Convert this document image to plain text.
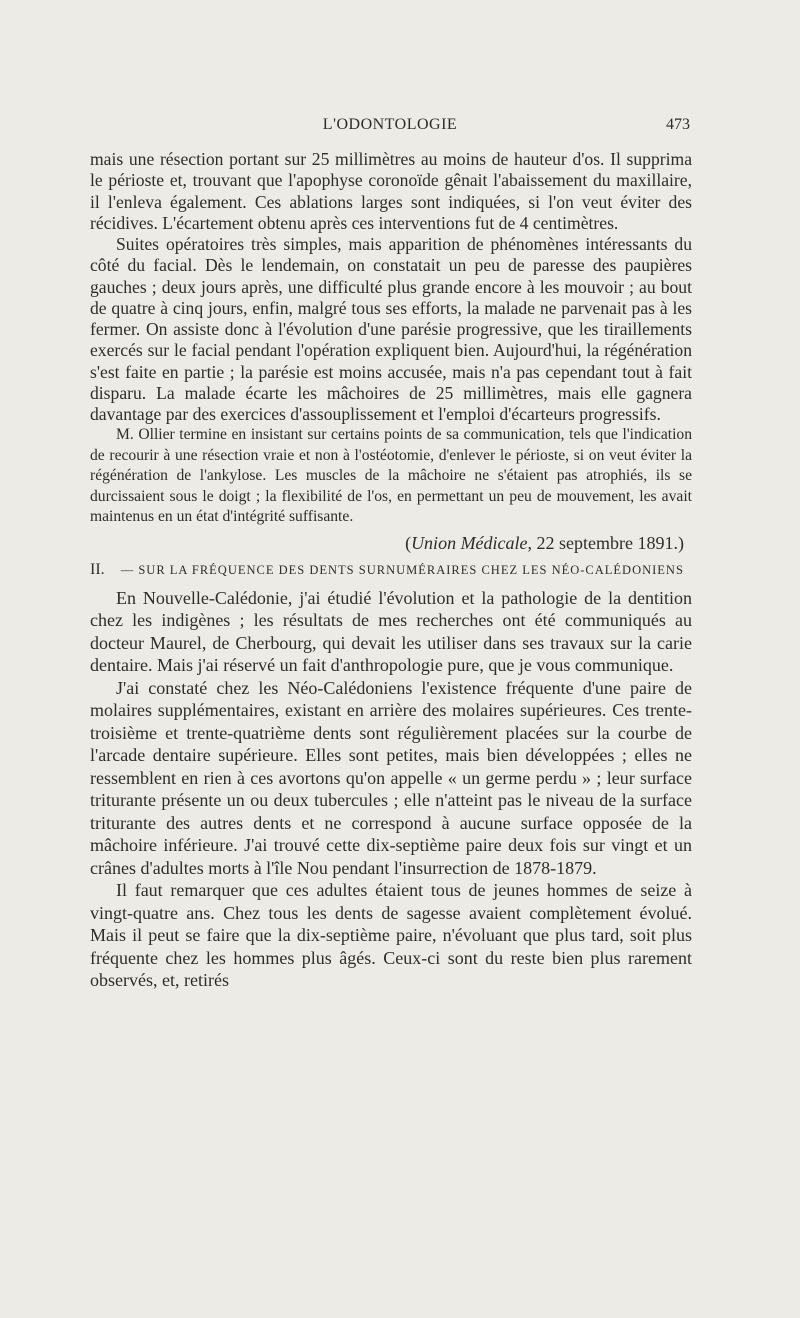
L'ODONTOLOGIE	473

mais une résection portant sur 25 millimètres au moins de hauteur d'os. Il supprima le périoste et, trouvant que l'apophyse coronoïde gênait l'abaissement du maxillaire, il l'enleva également. Ces ablations larges sont indiquées, si l'on veut éviter des récidives. L'écartement obtenu après ces interventions fut de 4 centimètres.

Suites opératoires très simples, mais apparition de phénomènes intéressants du côté du facial. Dès le lendemain, on constatait un peu de paresse des paupières gauches ; deux jours après, une difficulté plus grande encore à les mouvoir ; au bout de quatre à cinq jours, enfin, malgré tous ses efforts, la malade ne parvenait pas à les fermer. On assiste donc à l'évolution d'une parésie progressive, que les tiraillements exercés sur le facial pendant l'opération expliquent bien. Aujourd'hui, la régénération s'est faite en partie ; la parésie est moins accusée, mais n'a pas cependant tout à fait disparu. La malade écarte les mâchoires de 25 millimètres, mais elle gagnera davantage par des exercices d'assouplissement et l'emploi d'écarteurs progressifs.

M. Ollier termine en insistant sur certains points de sa communication, tels que l'indication de recourir à une résection vraie et non à l'ostéotomie, d'enlever le périoste, si on veut éviter la régénération de l'ankylose. Les muscles de la mâchoire ne s'étaient pas atrophiés, ils se durcissaient sous le doigt ; la flexibilité de l'os, en permettant un peu de mouvement, les avait maintenus en un état d'intégrité suffisante.

(Union Médicale, 22 septembre 1891.)
II. — SUR LA FRÉQUENCE DES DENTS SURNUMÉRAIRES CHEZ LES NÉO-CALÉDONIENS

En Nouvelle-Calédonie, j'ai étudié l'évolution et la pathologie de la dentition chez les indigènes ; les résultats de mes recherches ont été communiqués au docteur Maurel, de Cherbourg, qui devait les utiliser dans ses travaux sur la carie dentaire. Mais j'ai réservé un fait d'anthropologie pure, que je vous communique.

J'ai constaté chez les Néo-Calédoniens l'existence fréquente d'une paire de molaires supplémentaires, existant en arrière des molaires supérieures. Ces trente-troisième et trente-quatrième dents sont régulièrement placées sur la courbe de l'arcade dentaire supérieure. Elles sont petites, mais bien développées ; elles ne ressemblent en rien à ces avortons qu'on appelle « un germe perdu » ; leur surface triturante présente un ou deux tubercules ; elle n'atteint pas le niveau de la surface triturante des autres dents et ne correspond à aucune surface opposée de la mâchoire inférieure. J'ai trouvé cette dix-septième paire deux fois sur vingt et un crânes d'adultes morts à l'île Nou pendant l'insurrection de 1878-1879.

Il faut remarquer que ces adultes étaient tous de jeunes hommes de seize à vingt-quatre ans. Chez tous les dents de sagesse avaient complètement évolué. Mais il peut se faire que la dix-septième paire, n'évoluant que plus tard, soit plus fréquente chez les hommes plus âgés. Ceux-ci sont du reste bien plus rarement observés, et, retirés
